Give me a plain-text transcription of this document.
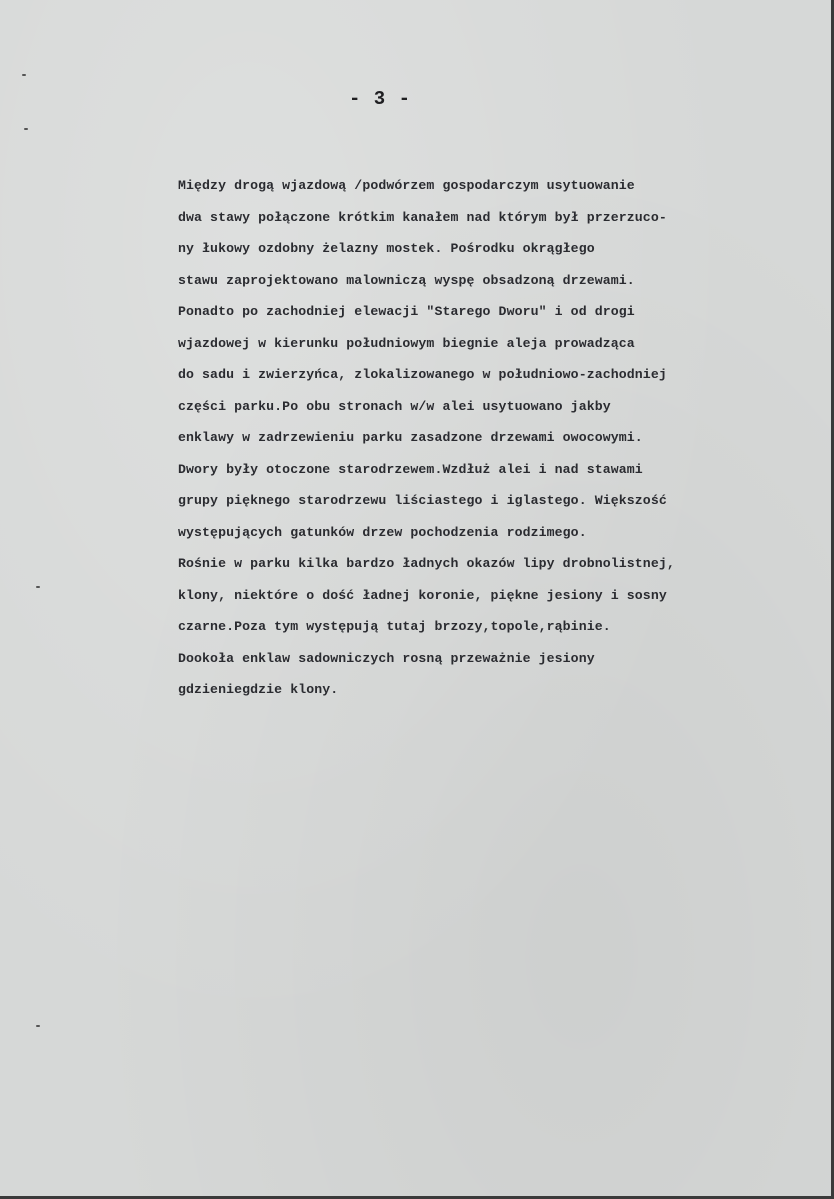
- 3 -
Między drogą wjazdową /podwórzem gospodarczym usytuowanie
dwa stawy połączone krótkim kanałem nad którym był przerzuco-
ny łukowy ozdobny żelazny mostek. Pośrodku okrągłego
stawu zaprojektowano malowniczą wyspę obsadzoną drzewami.
Ponadto po zachodniej elewacji "Starego Dworu" i od drogi
wjazdowej w kierunku południowym biegnie aleja prowadząca
do sadu i zwierzyńca, zlokalizowanego w południowo-zachodniej
części parku.Po obu stronach w/w alei usytuowano jakby
enklawy w zadrzewieniu parku zasadzone drzewami owocowymi.
Dwory były otoczone starodrzewem.Wzdłuż alei i nad stawami
grupy pięknego starodrzewu liściastego i iglastego. Większość
występujących gatunków drzew pochodzenia rodzimego.
Rośnie w parku kilka bardzo ładnych okazów lipy drobnolistnej,
klony, niektóre o dość ładnej koronie, piękne jesiony i sosny
czarne.Poza tym występują tutaj brzozy,topole,rąbinie.
Dookoła enklaw sadowniczych rosną przeważnie jesiony
gdzieniegdzie klony.
